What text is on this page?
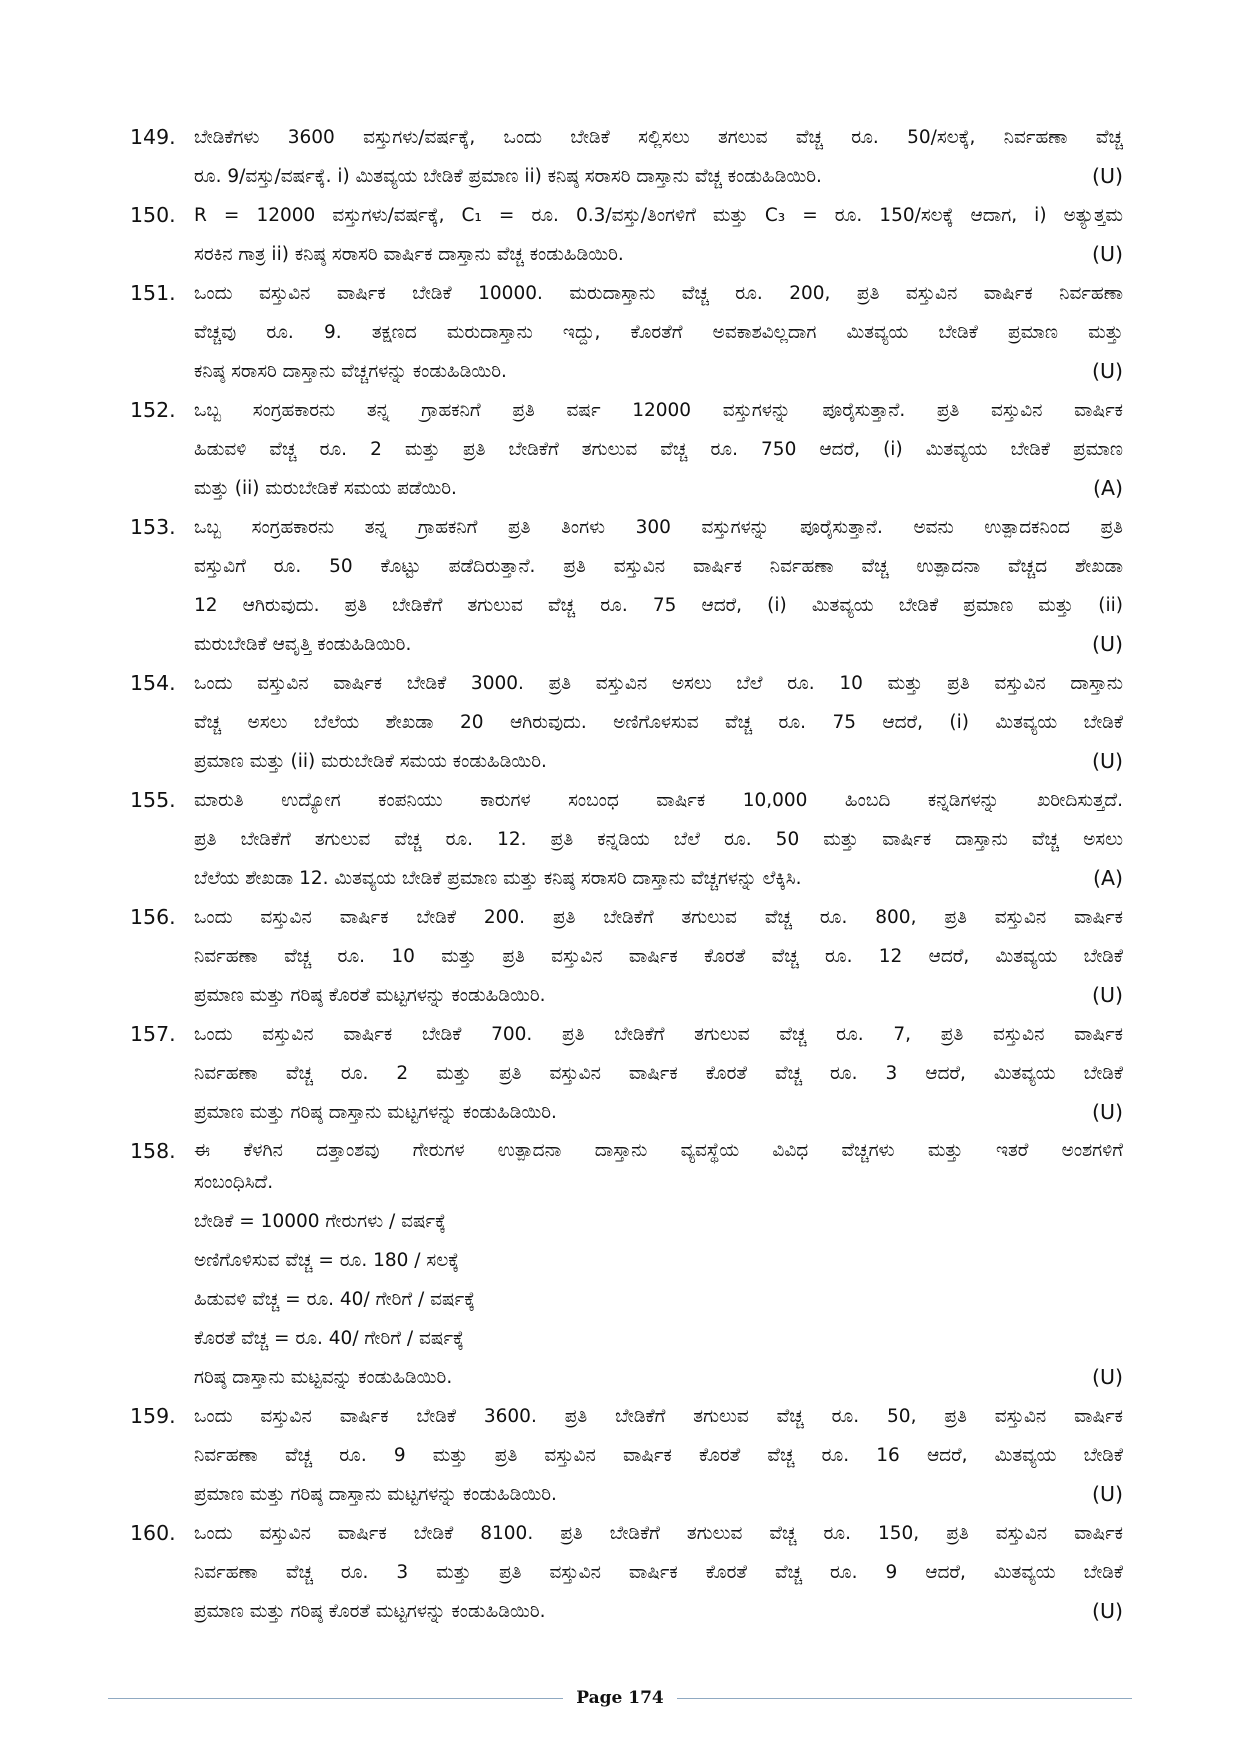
149. ಬೇಡಿಕೆಗಳು 3600 ವಸ್ತುಗಳು/ವರ್ಷಕ್ಕೆ, ಒಂದು ಬೇಡಿಕೆ ಸಲ್ಲಿಸಲು ತಗಲುವ ವೆಚ್ಚ ರೂ. 50/ಸಲಕ್ಕೆ, ನಿರ್ವಹಣಾ ವೆಚ್ಚ
ರೂ. 9/ವಸ್ತು/ವರ್ಷಕ್ಕೆ. i) ಮಿತವ್ಯಯ ಬೇಡಿಕೆ ಪ್ರಮಾಣ ii) ಕನಿಷ್ಠ ಸರಾಸರಿ ದಾಸ್ತಾನು ವೆಚ್ಚ ಕಂಡುಹಿಡಿಯಿರಿ.	(U)
150. R = 12000 ವಸ್ತುಗಳು/ವರ್ಷಕ್ಕೆ, C₁ = ರೂ. 0.3/ವಸ್ತು/ತಿಂಗಳಿಗೆ ಮತ್ತು C₃ = ರೂ. 150/ಸಲಕ್ಕೆ ಆದಾಗ, i) ಅತ್ಯುತ್ತಮ
ಸರಕಿನ ಗಾತ್ರ ii) ಕನಿಷ್ಠ ಸರಾಸರಿ ವಾರ್ಷಿಕ ದಾಸ್ತಾನು ವೆಚ್ಚ ಕಂಡುಹಿಡಿಯಿರಿ.	(U)
151. ಒಂದು ವಸ್ತುವಿನ ವಾರ್ಷಿಕ ಬೇಡಿಕೆ 10000. ಮರುದಾಸ್ತಾನು ವೆಚ್ಚ ರೂ. 200, ಪ್ರತಿ ವಸ್ತುವಿನ ವಾರ್ಷಿಕ ನಿರ್ವಹಣಾ
ವೆಚ್ಚವು ರೂ. 9. ತಕ್ಷಣದ ಮರುದಾಸ್ತಾನು ಇದ್ದು, ಕೊರತೆಗೆ ಅವಕಾಶವಿಲ್ಲದಾಗ ಮಿತವ್ಯಯ ಬೇಡಿಕೆ ಪ್ರಮಾಣ ಮತ್ತು
ಕನಿಷ್ಠ ಸರಾಸರಿ ದಾಸ್ತಾನು ವೆಚ್ಚಗಳನ್ನು ಕಂಡುಹಿಡಿಯಿರಿ.	(U)
152. ಒಬ್ಬ ಸಂಗ್ರಹಕಾರನು ತನ್ನ ಗ್ರಾಹಕನಿಗೆ ಪ್ರತಿ ವರ್ಷ 12000 ವಸ್ತುಗಳನ್ನು ಪೂರೈಸುತ್ತಾನೆ. ಪ್ರತಿ ವಸ್ತುವಿನ ವಾರ್ಷಿಕ
ಹಿಡುವಳಿ ವೆಚ್ಚ ರೂ. 2 ಮತ್ತು ಪ್ರತಿ ಬೇಡಿಕೆಗೆ ತಗುಲುವ ವೆಚ್ಚ ರೂ. 750 ಆದರೆ, (i) ಮಿತವ್ಯಯ ಬೇಡಿಕೆ ಪ್ರಮಾಣ
ಮತ್ತು (ii) ಮರುಬೇಡಿಕೆ ಸಮಯ ಪಡೆಯಿರಿ.	(A)
153. ಒಬ್ಬ ಸಂಗ್ರಹಕಾರನು ತನ್ನ ಗ್ರಾಹಕನಿಗೆ ಪ್ರತಿ ತಿಂಗಳು 300 ವಸ್ತುಗಳನ್ನು ಪೂರೈಸುತ್ತಾನೆ. ಅವನು ಉತ್ಪಾದಕನಿಂದ ಪ್ರತಿ
ವಸ್ತುವಿಗೆ ರೂ. 50 ಕೊಟ್ಟು ಪಡೆದಿರುತ್ತಾನೆ. ಪ್ರತಿ ವಸ್ತುವಿನ ವಾರ್ಷಿಕ ನಿರ್ವಹಣಾ ವೆಚ್ಚ ಉತ್ಪಾದನಾ ವೆಚ್ಚದ ಶೇಖಡಾ
12 ಆಗಿರುವುದು. ಪ್ರತಿ ಬೇಡಿಕೆಗೆ ತಗುಲುವ ವೆಚ್ಚ ರೂ. 75 ಆದರೆ, (i) ಮಿತವ್ಯಯ ಬೇಡಿಕೆ ಪ್ರಮಾಣ ಮತ್ತು (ii)
ಮರುಬೇಡಿಕೆ ಆವೃತ್ತಿ ಕಂಡುಹಿಡಿಯಿರಿ.	(U)
154. ಒಂದು ವಸ್ತುವಿನ ವಾರ್ಷಿಕ ಬೇಡಿಕೆ 3000. ಪ್ರತಿ ವಸ್ತುವಿನ ಅಸಲು ಬೆಲೆ ರೂ. 10 ಮತ್ತು ಪ್ರತಿ ವಸ್ತುವಿನ ದಾಸ್ತಾನು
ವೆಚ್ಚ ಅಸಲು ಬೆಲೆಯ ಶೇಖಡಾ 20 ಆಗಿರುವುದು. ಅಣಿಗೊಳಸುವ ವೆಚ್ಚ ರೂ. 75 ಆದರೆ, (i) ಮಿತವ್ಯಯ ಬೇಡಿಕೆ
ಪ್ರಮಾಣ ಮತ್ತು (ii) ಮರುಬೇಡಿಕೆ ಸಮಯ ಕಂಡುಹಿಡಿಯಿರಿ.	(U)
155. ಮಾರುತಿ ಉದ್ಯೋಗ ಕಂಪನಿಯು ಕಾರುಗಳ ಸಂಬಂಧ ವಾರ್ಷಿಕ 10,000 ಹಿಂಬದಿ ಕನ್ನಡಿಗಳನ್ನು ಖರೀದಿಸುತ್ತದೆ.
ಪ್ರತಿ ಬೇಡಿಕೆಗೆ ತಗುಲುವ ವೆಚ್ಚ ರೂ. 12. ಪ್ರತಿ ಕನ್ನಡಿಯ ಬೆಲೆ ರೂ. 50 ಮತ್ತು ವಾರ್ಷಿಕ ದಾಸ್ತಾನು ವೆಚ್ಚ ಅಸಲು
ಬೆಲೆಯ ಶೇಖಡಾ 12. ಮಿತವ್ಯಯ ಬೇಡಿಕೆ ಪ್ರಮಾಣ ಮತ್ತು ಕನಿಷ್ಠ ಸರಾಸರಿ ದಾಸ್ತಾನು ವೆಚ್ಚಗಳನ್ನು ಲೆಕ್ಕಿಸಿ.	(A)
156. ಒಂದು ವಸ್ತುವಿನ ವಾರ್ಷಿಕ ಬೇಡಿಕೆ 200. ಪ್ರತಿ ಬೇಡಿಕೆಗೆ ತಗುಲುವ ವೆಚ್ಚ ರೂ. 800, ಪ್ರತಿ ವಸ್ತುವಿನ ವಾರ್ಷಿಕ
ನಿರ್ವಹಣಾ ವೆಚ್ಚ ರೂ. 10 ಮತ್ತು ಪ್ರತಿ ವಸ್ತುವಿನ ವಾರ್ಷಿಕ ಕೊರತೆ ವೆಚ್ಚ ರೂ. 12 ಆದರೆ, ಮಿತವ್ಯಯ ಬೇಡಿಕೆ
ಪ್ರಮಾಣ ಮತ್ತು ಗರಿಷ್ಠ ಕೊರತೆ ಮಟ್ಟಗಳನ್ನು ಕಂಡುಹಿಡಿಯಿರಿ.	(U)
157. ಒಂದು ವಸ್ತುವಿನ ವಾರ್ಷಿಕ ಬೇಡಿಕೆ 700. ಪ್ರತಿ ಬೇಡಿಕೆಗೆ ತಗುಲುವ ವೆಚ್ಚ ರೂ. 7, ಪ್ರತಿ ವಸ್ತುವಿನ ವಾರ್ಷಿಕ
ನಿರ್ವಹಣಾ ವೆಚ್ಚ ರೂ. 2 ಮತ್ತು ಪ್ರತಿ ವಸ್ತುವಿನ ವಾರ್ಷಿಕ ಕೊರತೆ ವೆಚ್ಚ ರೂ. 3 ಆದರೆ, ಮಿತವ್ಯಯ ಬೇಡಿಕೆ
ಪ್ರಮಾಣ ಮತ್ತು ಗರಿಷ್ಠ ದಾಸ್ತಾನು ಮಟ್ಟಗಳನ್ನು ಕಂಡುಹಿಡಿಯಿರಿ.	(U)
158. ಈ ಕೆಳಗಿನ ದತ್ತಾಂಶವು ಗೇರುಗಳ ಉತ್ಪಾದನಾ ದಾಸ್ತಾನು ವ್ಯವಸ್ಥೆಯ ವಿವಿಧ ವೆಚ್ಚಗಳು ಮತ್ತು ಇತರೆ ಅಂಶಗಳಿಗೆ
ಸಂಬಂಧಿಸಿದೆ.
ಬೇಡಿಕೆ = 10000 ಗೇರುಗಳು / ವರ್ಷಕ್ಕೆ
ಅಣಿಗೊಳಿಸುವ ವೆಚ್ಚ = ರೂ. 180 / ಸಲಕ್ಕೆ
ಹಿಡುವಳಿ ವೆಚ್ಚ = ರೂ. 40/ ಗೇರಿಗೆ / ವರ್ಷಕ್ಕೆ
ಕೊರತೆ ವೆಚ್ಚ = ರೂ. 40/ ಗೇರಿಗೆ / ವರ್ಷಕ್ಕೆ
ಗರಿಷ್ಠ ದಾಸ್ತಾನು ಮಟ್ಟವನ್ನು ಕಂಡುಹಿಡಿಯಿರಿ.	(U)
159. ಒಂದು ವಸ್ತುವಿನ ವಾರ್ಷಿಕ ಬೇಡಿಕೆ 3600. ಪ್ರತಿ ಬೇಡಿಕೆಗೆ ತಗುಲುವ ವೆಚ್ಚ ರೂ. 50, ಪ್ರತಿ ವಸ್ತುವಿನ ವಾರ್ಷಿಕ
ನಿರ್ವಹಣಾ ವೆಚ್ಚ ರೂ. 9 ಮತ್ತು ಪ್ರತಿ ವಸ್ತುವಿನ ವಾರ್ಷಿಕ ಕೊರತೆ ವೆಚ್ಚ ರೂ. 16 ಆದರೆ, ಮಿತವ್ಯಯ ಬೇಡಿಕೆ
ಪ್ರಮಾಣ ಮತ್ತು ಗರಿಷ್ಠ ದಾಸ್ತಾನು ಮಟ್ಟಗಳನ್ನು ಕಂಡುಹಿಡಿಯಿರಿ.	(U)
160. ಒಂದು ವಸ್ತುವಿನ ವಾರ್ಷಿಕ ಬೇಡಿಕೆ 8100. ಪ್ರತಿ ಬೇಡಿಕೆಗೆ ತಗುಲುವ ವೆಚ್ಚ ರೂ. 150, ಪ್ರತಿ ವಸ್ತುವಿನ ವಾರ್ಷಿಕ
ನಿರ್ವಹಣಾ ವೆಚ್ಚ ರೂ. 3 ಮತ್ತು ಪ್ರತಿ ವಸ್ತುವಿನ ವಾರ್ಷಿಕ ಕೊರತೆ ವೆಚ್ಚ ರೂ. 9 ಆದರೆ, ಮಿತವ್ಯಯ ಬೇಡಿಕೆ
ಪ್ರಮಾಣ ಮತ್ತು ಗರಿಷ್ಠ ಕೊರತೆ ಮಟ್ಟಗಳನ್ನು ಕಂಡುಹಿಡಿಯಿರಿ.	(U)
Page 174
